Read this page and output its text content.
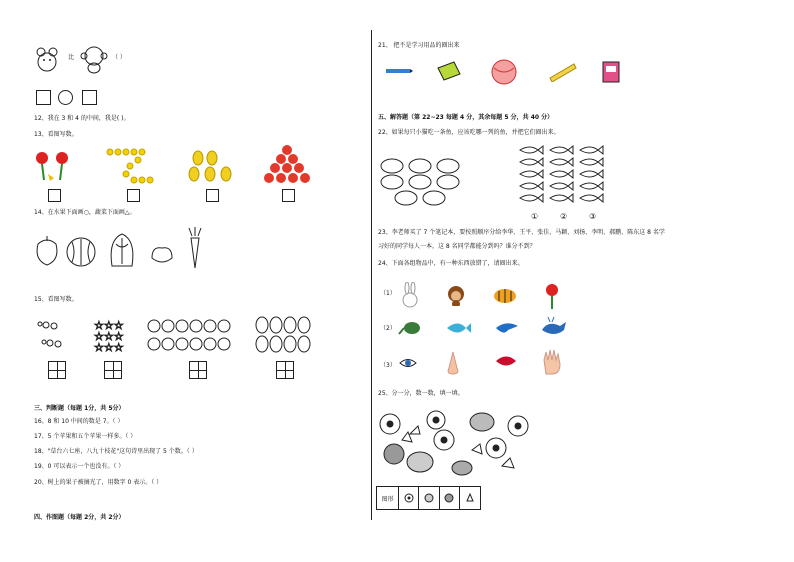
比	（ ）
12、我在 3 和 4 的中间，我是( )。
13、看图写数。
14、在水果下面画○，蔬菜下面画△。
15、看图写数。
☆☆☆
☆☆☆
☆☆☆
三、判断题（每题 1分，共 5分）
16、8 和 10 中间的数是 7。（ ）
17、5 个苹果和五个苹果一样多。（ ）
18、"草台六七座，八九十枝花"这句诗里出现了 5 个数。（ ）
19、0 可以表示一个也没有。（ ）
20、树上的果子被摘光了，用数字 0 表示。（ ）
四、作图题（每题 2分，共 2分）
21、 把不是学习用品的圈出来
五、解答题（第 22~23 每题 4 分，其余每题 5 分，共 40 分）
22、如果每只小猫吃一条鱼，应该吃哪一列的鱼，并把它们圈出来。
①	②	③
23、李老师买了 7 个笔记本，要按照顺序分给李华、王平、张佳、马颖、刘扬、李明、郝鹏、陈东这 8 名学
习好的同学每人一本，这 8 名同学都能分到吗？谁分不到？
24、下面各组物品中，有一种东西放错了，请圈出来。
（1）
（2）
（3）
25、分一分，数一数，填一填。
图形
